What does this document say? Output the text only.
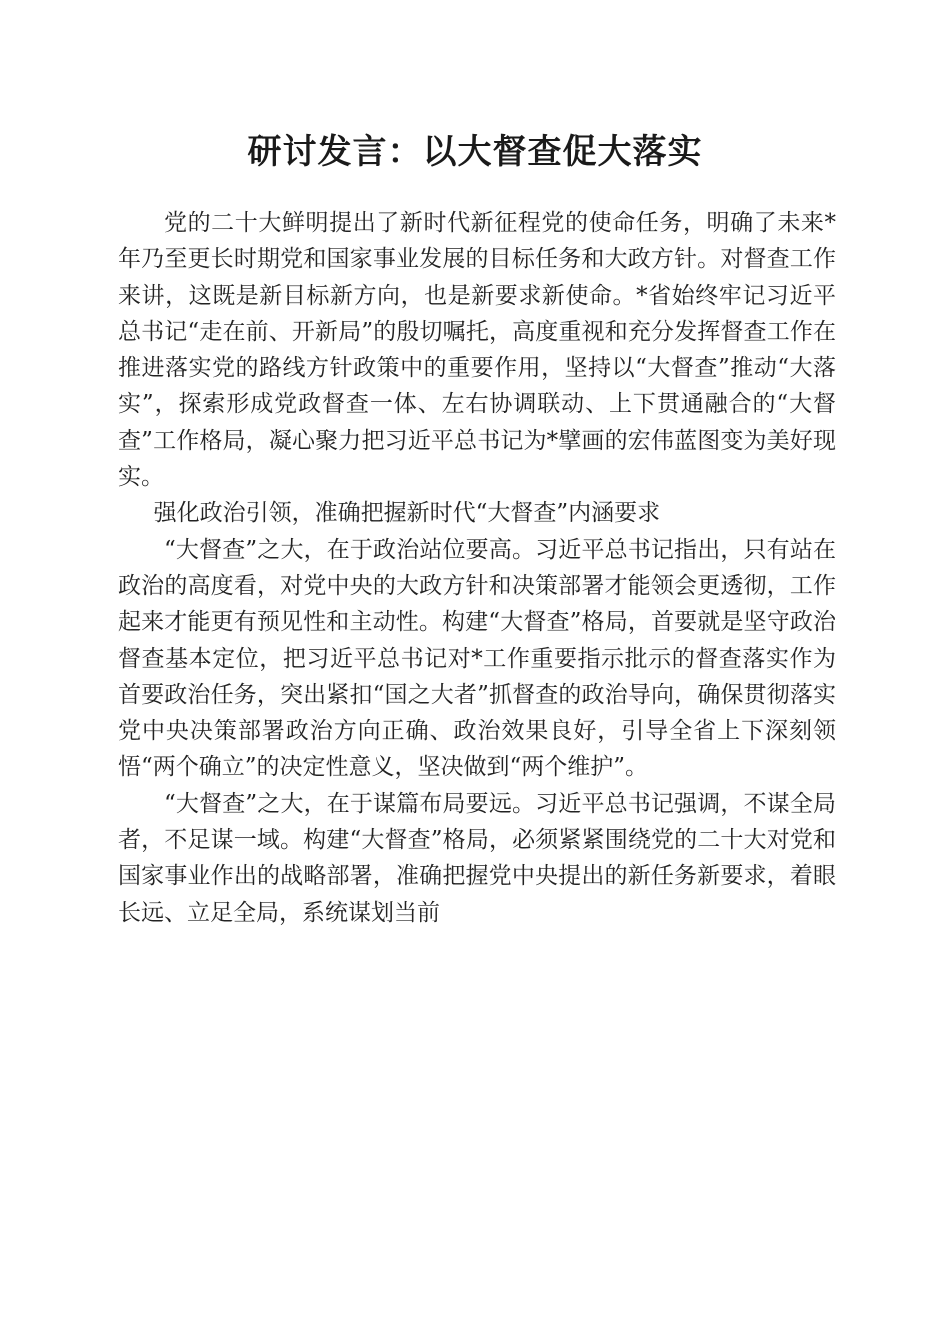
研讨发言：以大督查促大落实

党的二十大鲜明提出了新时代新征程党的使命任务，明确了未来*年乃至更长时期党和国家事业发展的目标任务和大政方针。对督查工作来讲，这既是新目标新方向，也是新要求新使命。*省始终牢记习近平总书记“走在前、开新局”的殷切嘱托，高度重视和充分发挥督查工作在推进落实党的路线方针政策中的重要作用，坚持以“大督查”推动“大落实”，探索形成党政督查一体、左右协调联动、上下贯通融合的“大督查”工作格局，凝心聚力把习近平总书记为*擘画的宏伟蓝图变为美好现实。

强化政治引领，准确把握新时代“大督查”内涵要求

“大督查”之大，在于政治站位要高。习近平总书记指出，只有站在政治的高度看，对党中央的大政方针和决策部署才能领会更透彻，工作起来才能更有预见性和主动性。构建“大督查”格局，首要就是坚守政治督查基本定位，把习近平总书记对*工作重要指示批示的督查落实作为首要政治任务，突出紧扣“国之大者”抓督查的政治导向，确保贯彻落实党中央决策部署政治方向正确、政治效果良好，引导全省上下深刻领悟“两个确立”的决定性意义，坚决做到“两个维护”。

“大督查”之大，在于谋篇布局要远。习近平总书记强调，不谋全局者，不足谋一域。构建“大督查”格局，必须紧紧围绕党的二十大对党和国家事业作出的战略部署，准确把握党中央提出的新任务新要求，着眼长远、立足全局，系统谋划当前
